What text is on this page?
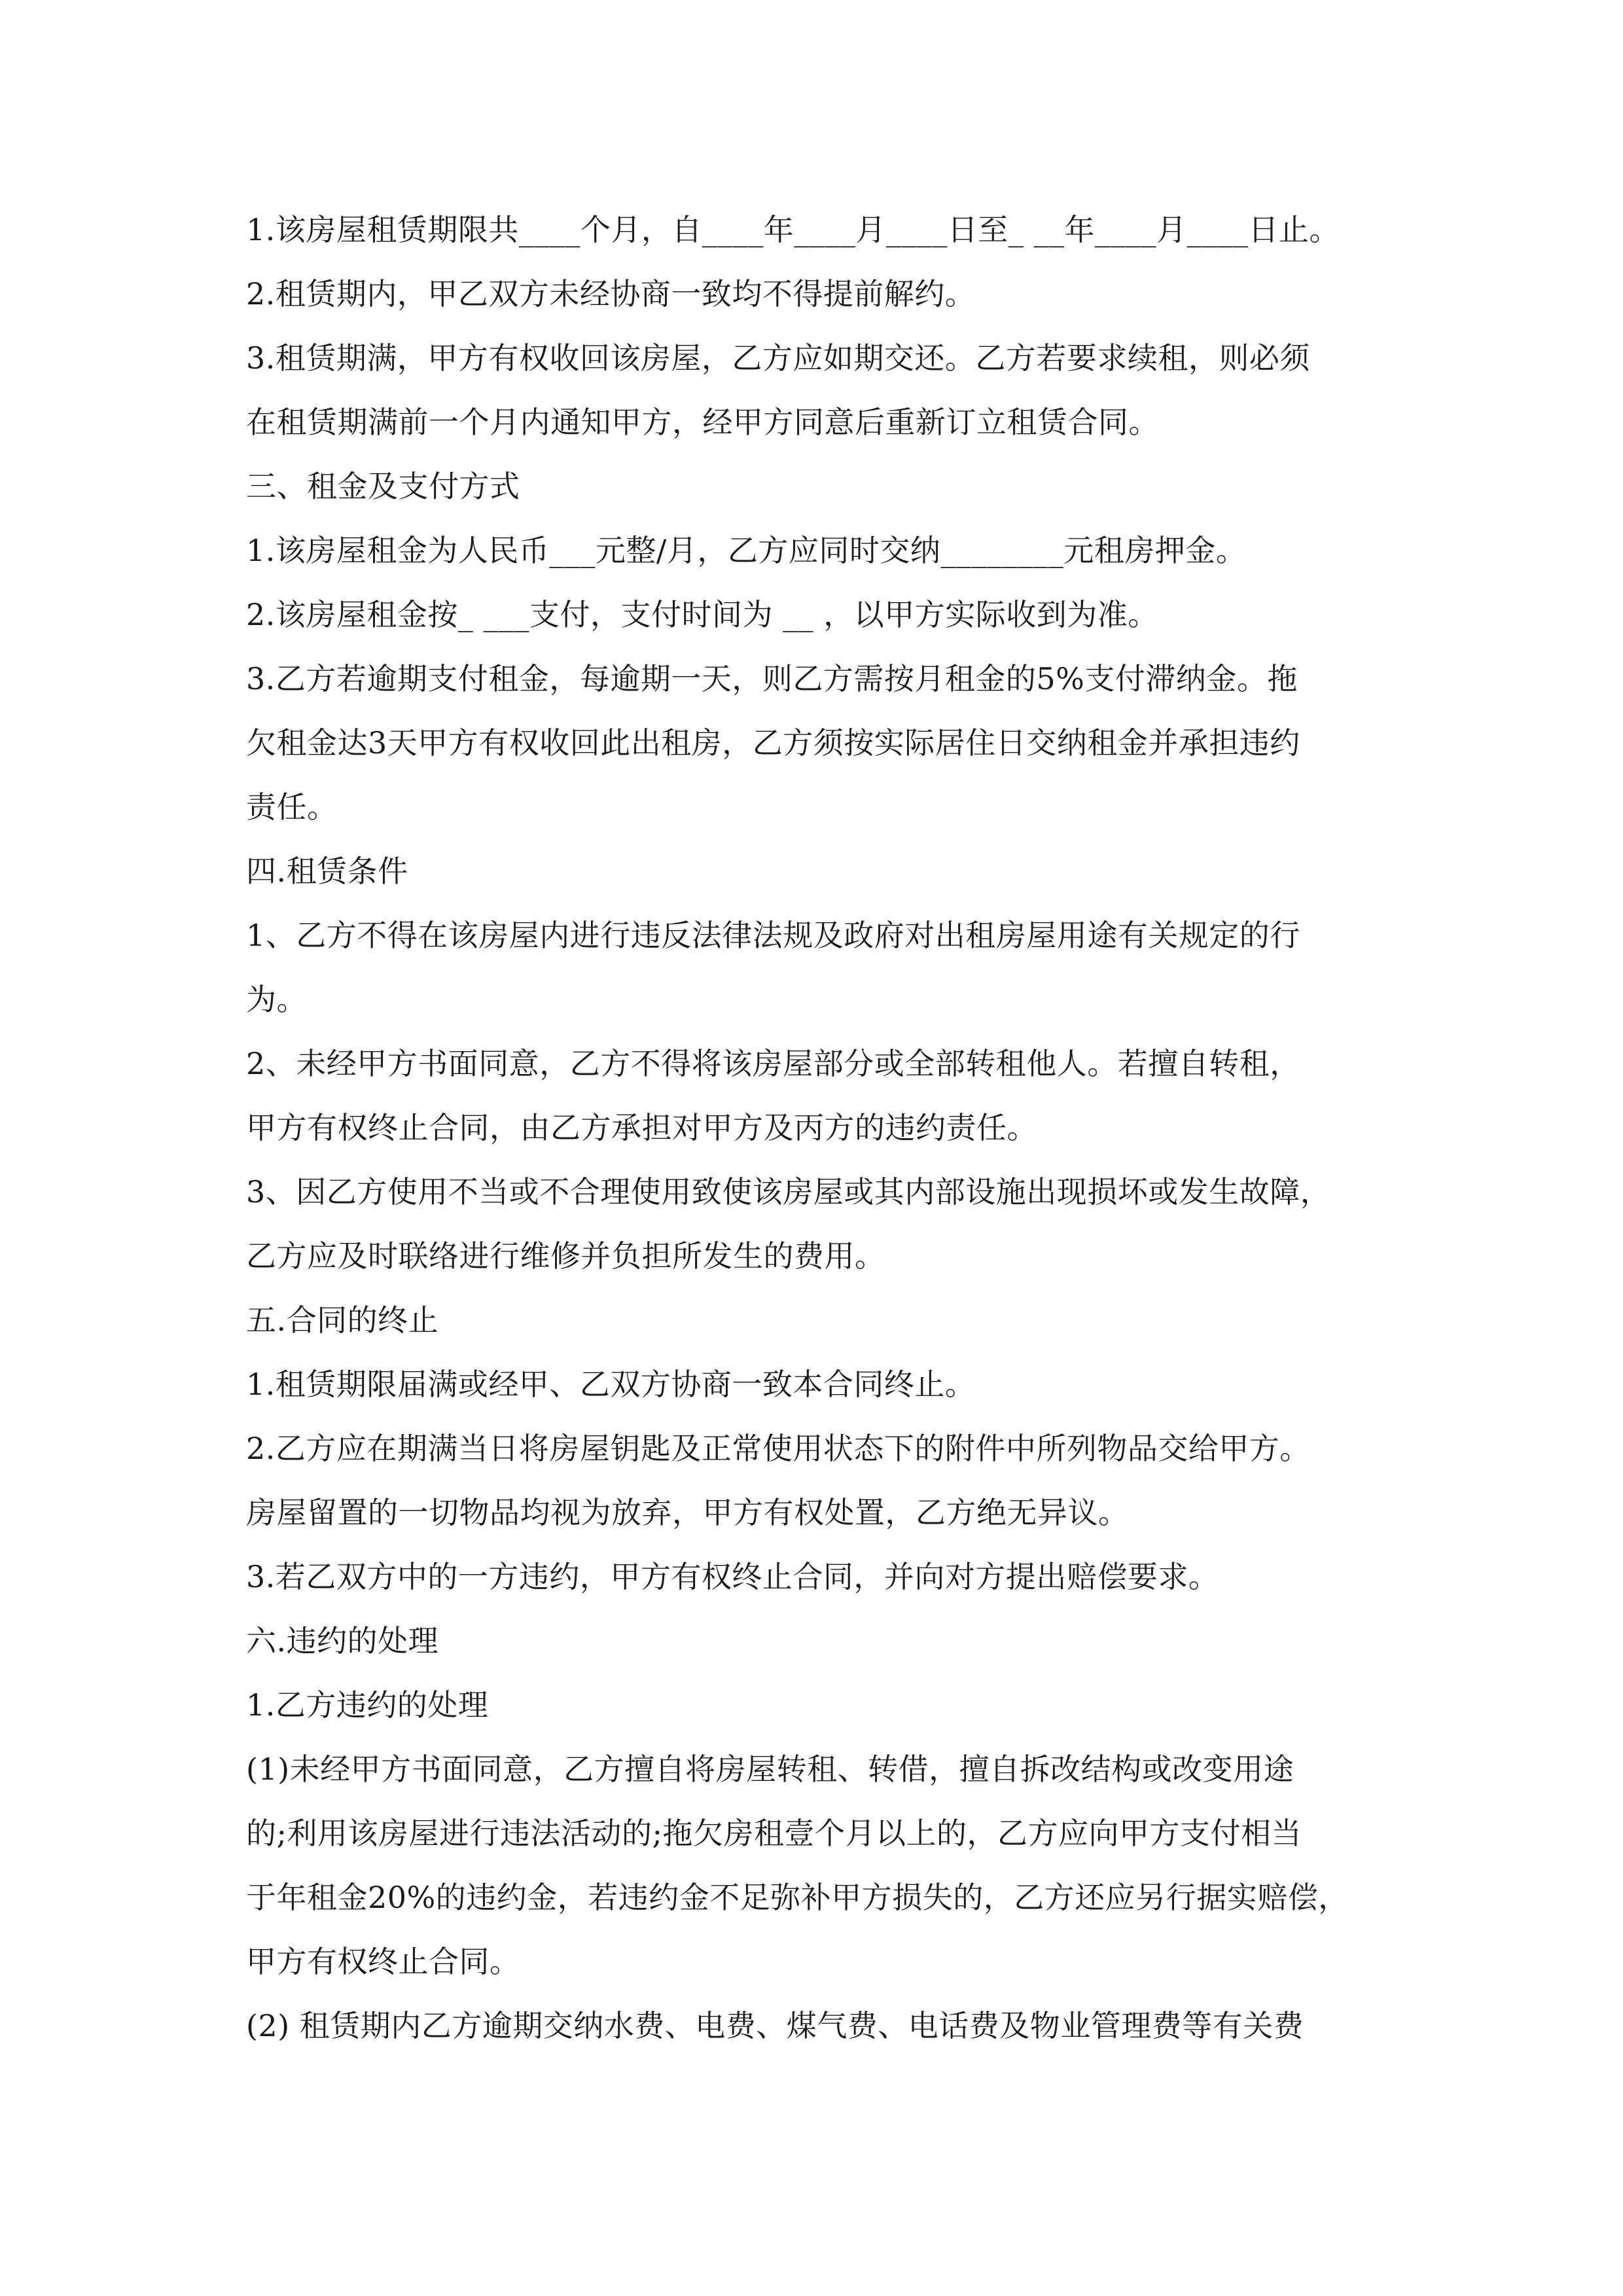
1.该房屋租赁期限共____个月，自____年____月____日至_ __年____月____日止。
2.租赁期内，甲乙双方未经协商一致均不得提前解约。
3.租赁期满，甲方有权收回该房屋，乙方应如期交还。乙方若要求续租，则必须
在租赁期满前一个月内通知甲方，经甲方同意后重新订立租赁合同。
三、租金及支付方式
1.该房屋租金为人民币___元整/月，乙方应同时交纳________元租房押金。
2.该房屋租金按_ ___支付，支付时间为 __ ，以甲方实际收到为准。
3.乙方若逾期支付租金，每逾期一天，则乙方需按月租金的5%支付滞纳金。拖
欠租金达3天甲方有权收回此出租房，乙方须按实际居住日交纳租金并承担违约
责任。
四.租赁条件
1、乙方不得在该房屋内进行违反法律法规及政府对出租房屋用途有关规定的行
为。
2、未经甲方书面同意，乙方不得将该房屋部分或全部转租他人。若擅自转租，
甲方有权终止合同，由乙方承担对甲方及丙方的违约责任。
3、因乙方使用不当或不合理使用致使该房屋或其内部设施出现损坏或发生故障，
乙方应及时联络进行维修并负担所发生的费用。
五.合同的终止
1.租赁期限届满或经甲、乙双方协商一致本合同终止。
2.乙方应在期满当日将房屋钥匙及正常使用状态下的附件中所列物品交给甲方。
房屋留置的一切物品均视为放弃，甲方有权处置，乙方绝无异议。
3.若乙双方中的一方违约，甲方有权终止合同，并向对方提出赔偿要求。
六.违约的处理
1.乙方违约的处理
(1)未经甲方书面同意，乙方擅自将房屋转租、转借，擅自拆改结构或改变用途
的;利用该房屋进行违法活动的;拖欠房租壹个月以上的，乙方应向甲方支付相当
于年租金20%的违约金，若违约金不足弥补甲方损失的，乙方还应另行据实赔偿，
甲方有权终止合同。
(2) 租赁期内乙方逾期交纳水费、电费、煤气费、电话费及物业管理费等有关费
